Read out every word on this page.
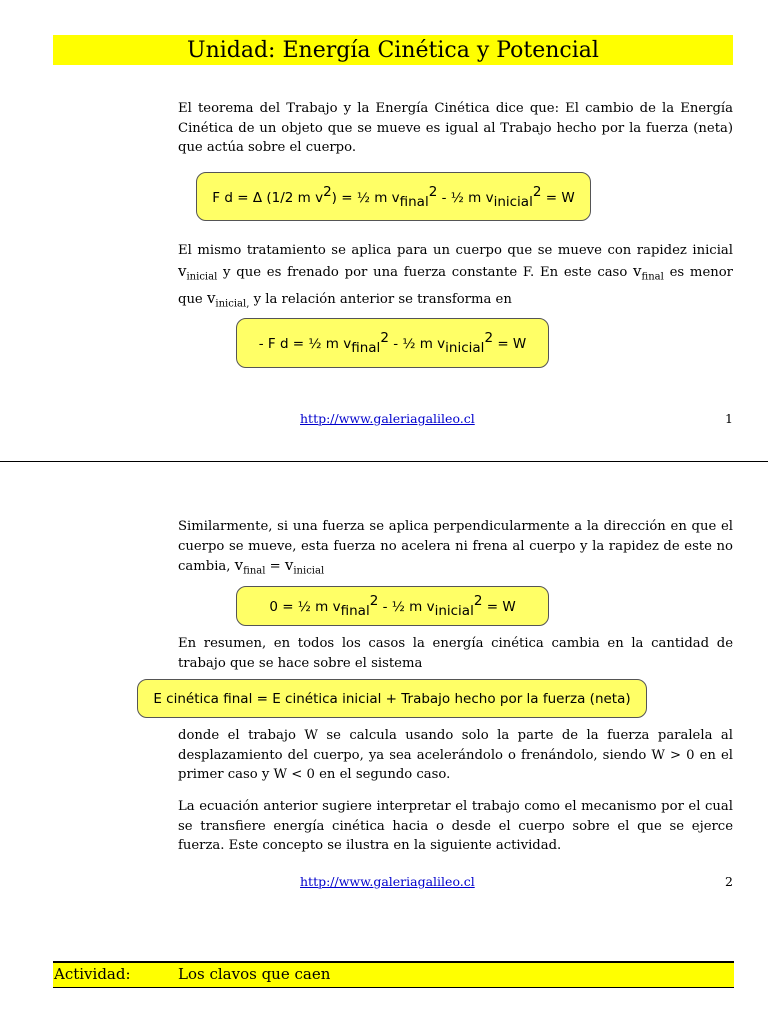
Unidad: Energía Cinética y Potencial
El teorema del Trabajo y la Energía Cinética dice que: El cambio de la Energía Cinética de un objeto que se mueve es igual al Trabajo hecho por la fuerza (neta) que actúa sobre el cuerpo.
F d = Δ (1/2 m $v^2$) = ½ m $v_{final}^2$ - ½ m $v_{inicial}^2 = W$
El mismo tratamiento se aplica para un cuerpo que se mueve con rapidez inicial $v_{inicial}$ y que es frenado por una fuerza constante F. En este caso $v_{final}$ es menor que $v_{inicial,}$ y la relación anterior se transforma en
- F d = ½ m $v_{final}^2$ - ½ m $v_{inicial}^2 = W$
http://www.galeriagalileo.cl	1
Similarmente, si una fuerza se aplica perpendicularmente a la dirección en que el cuerpo se mueve, esta fuerza no acelera ni frena al cuerpo y la rapidez de este no cambia, $v_{final} = v_{inicial}$
0 = ½ m $v_{final}^2$ - ½ m $v_{inicial}^2 = W$
En resumen, en todos los casos la energía cinética cambia en la cantidad de trabajo que se hace sobre el sistema
E cinética final = E cinética inicial + Trabajo hecho por la fuerza (neta)
donde el trabajo W se calcula usando solo la parte de la fuerza paralela al desplazamiento del cuerpo, ya sea acelerándolo o frenándolo, siendo W > 0 en el primer caso y W < 0 en el segundo caso.
La ecuación anterior sugiere interpretar el trabajo como el mecanismo por el cual se transfiere energía cinética hacia o desde el cuerpo sobre el que se ejerce fuerza. Este concepto se ilustra en la siguiente actividad.
http://www.galeriagalileo.cl	2
Actividad:	Los clavos que caen
